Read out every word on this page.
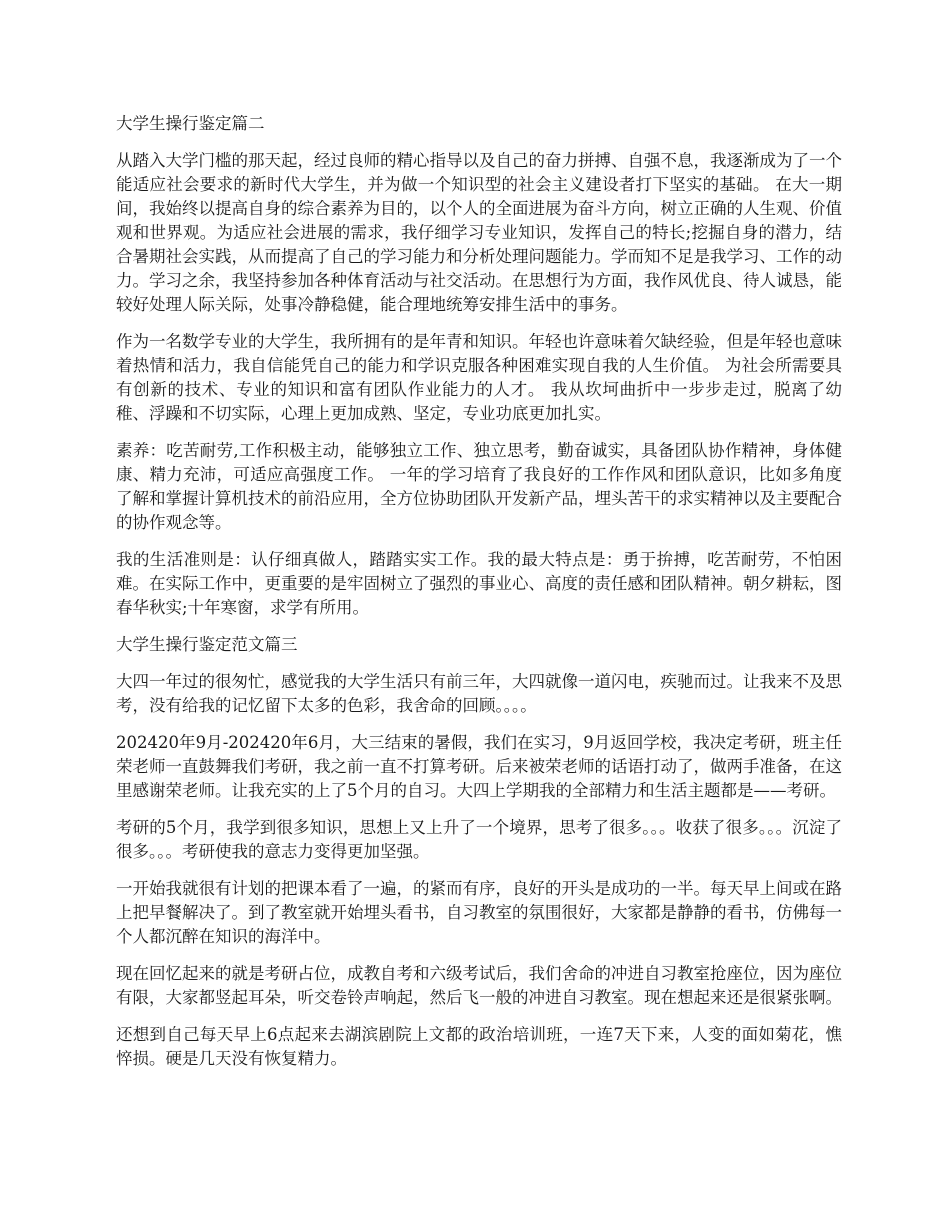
大学生操行鉴定篇二

从踏入大学门槛的那天起，经过良师的精心指导以及自己的奋力拼搏、自强不息，我逐渐成为了一个能适应社会要求的新时代大学生，并为做一个知识型的社会主义建设者打下坚实的基础。 在大一期间，我始终以提高自身的综合素养为目的，以个人的全面进展为奋斗方向，树立正确的人生观、价值观和世界观。为适应社会进展的需求，我仔细学习专业知识，发挥自己的特长;挖掘自身的潜力，结合暑期社会实践，从而提高了自己的学习能力和分析处理问题能力。学而知不足是我学习、工作的动力。学习之余，我坚持参加各种体育活动与社交活动。在思想行为方面，我作风优良、待人诚恳，能较好处理人际关际，处事冷静稳健，能合理地统筹安排生活中的事务。

作为一名数学专业的大学生，我所拥有的是年青和知识。年轻也许意味着欠缺经验，但是年轻也意味着热情和活力，我自信能凭自己的能力和学识克服各种困难实现自我的人生价值。 为社会所需要具有创新的技术、专业的知识和富有团队作业能力的人才。 我从坎坷曲折中一步步走过，脱离了幼稚、浮躁和不切实际，心理上更加成熟、坚定，专业功底更加扎实。

素养：吃苦耐劳,工作积极主动，能够独立工作、独立思考，勤奋诚实，具备团队协作精神，身体健康、精力充沛，可适应高强度工作。 一年的学习培育了我良好的工作作风和团队意识，比如多角度了解和掌握计算机技术的前沿应用，全方位协助团队开发新产品，埋头苦干的求实精神以及主要配合的协作观念等。

我的生活准则是：认仔细真做人，踏踏实实工作。我的最大特点是：勇于拚搏，吃苦耐劳，不怕困难。在实际工作中，更重要的是牢固树立了强烈的事业心、高度的责任感和团队精神。朝夕耕耘，图春华秋实;十年寒窗，求学有所用。

大学生操行鉴定范文篇三

大四一年过的很匆忙，感觉我的大学生活只有前三年，大四就像一道闪电，疾驰而过。让我来不及思考，没有给我的记忆留下太多的色彩，我舍命的回顾。。。。

202420年9月-202420年6月，大三结束的暑假，我们在实习，9月返回学校，我决定考研，班主任荣老师一直鼓舞我们考研，我之前一直不打算考研。后来被荣老师的话语打动了，做两手准备，在这里感谢荣老师。让我充实的上了5个月的自习。大四上学期我的全部精力和生活主题都是——考研。

考研的5个月，我学到很多知识，思想上又上升了一个境界，思考了很多。。。收获了很多。。。沉淀了很多。。。考研使我的意志力变得更加坚强。

一开始我就很有计划的把课本看了一遍，的紧而有序，良好的开头是成功的一半。每天早上间或在路上把早餐解决了。到了教室就开始埋头看书，自习教室的氛围很好，大家都是静静的看书，仿佛每一个人都沉醉在知识的海洋中。

现在回忆起来的就是考研占位，成教自考和六级考试后，我们舍命的冲进自习教室抢座位，因为座位有限，大家都竖起耳朵，听交卷铃声响起，然后飞一般的冲进自习教室。现在想起来还是很紧张啊。

还想到自己每天早上6点起来去湖滨剧院上文都的政治培训班，一连7天下来，人变的面如菊花，憔悴损。硬是几天没有恢复精力。
